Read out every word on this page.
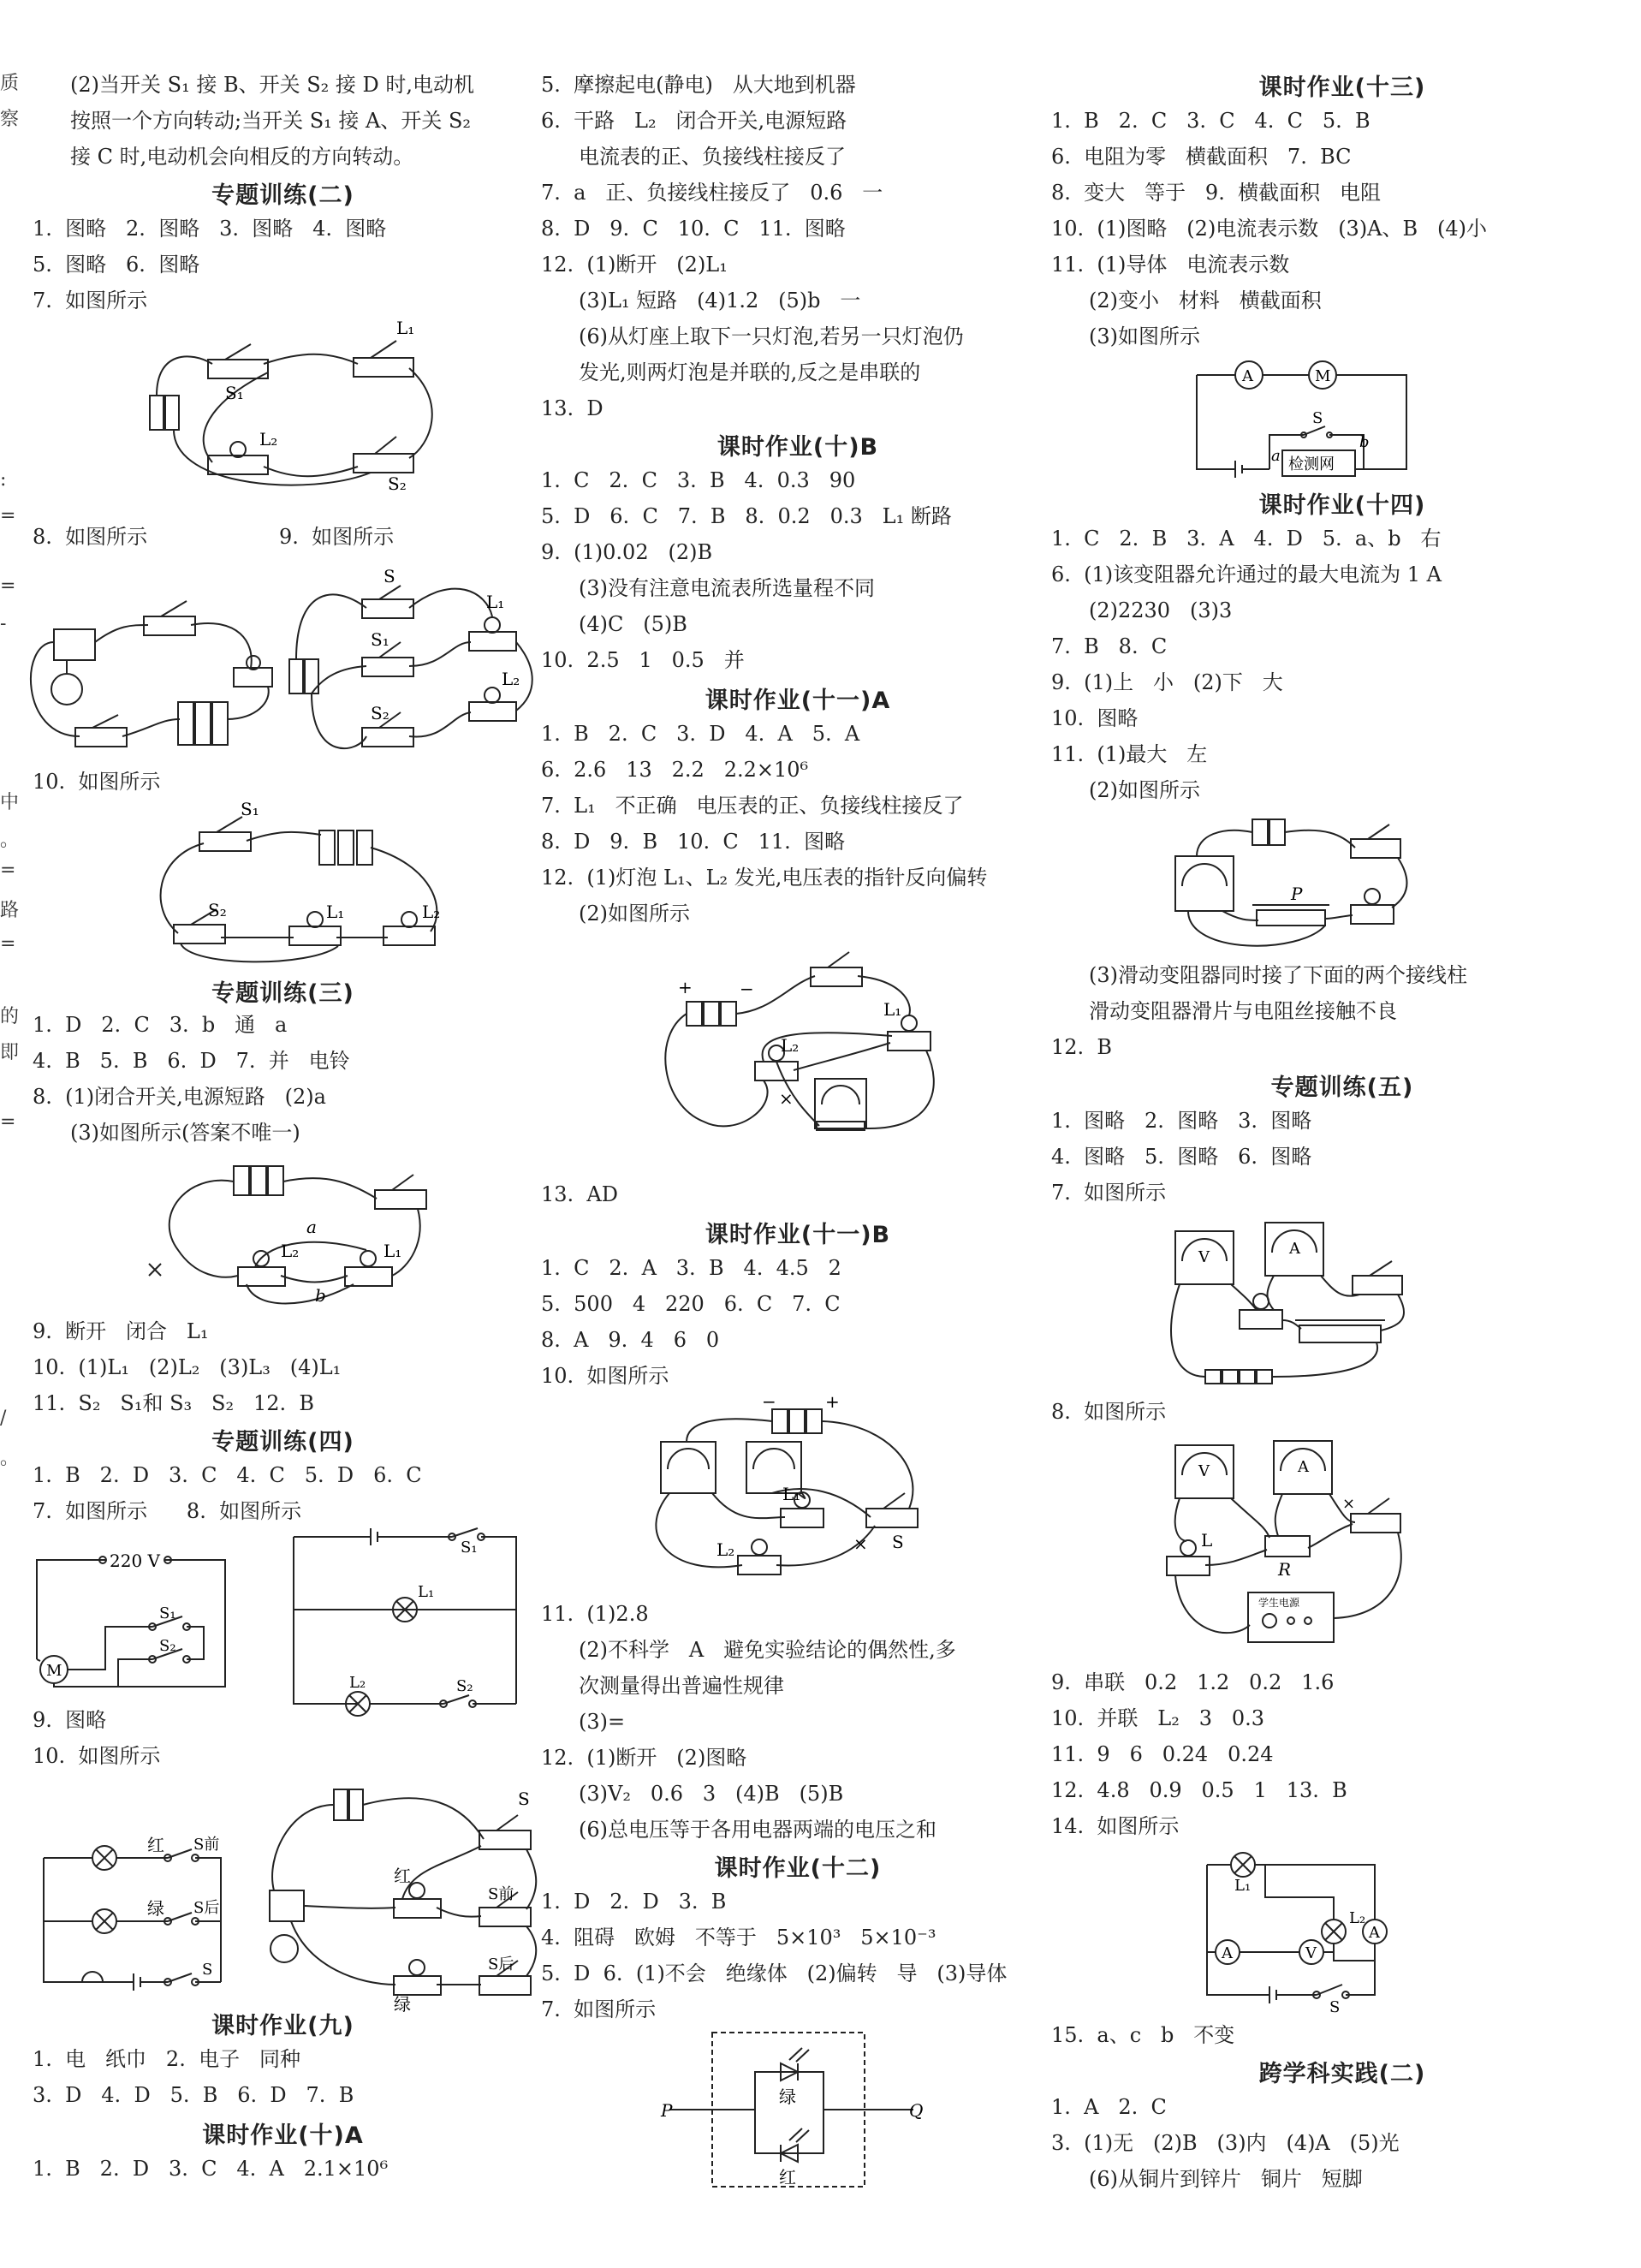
质
察
:
=
=
-
中
。
=
路
=
的
即
=
/
。
(2)当开关 S₁ 接 B、开关 S₂ 接 D 时,电动机
按照一个方向转动;当开关 S₁ 接 A、开关 S₂
接 C 时,电动机会向相反的方向转动。
专题训练(二)
1.  图略   2.  图略   3.  图略   4.  图略
5.  图略   6.  图略
7.  如图所示
S₁
L₁
L₂
S₂
8.  如图所示	9.  如图所示
S
S₁
L₁
L₂
S₂
10.  如图所示
S₁
S₂	L₁	L₂
专题训练(三)
1.  D   2.  C   3.  b   通   a
4.  B   5.  B   6.  D   7.  并   电铃
8.  (1)闭合开关,电源短路   (2)a
(3)如图所示(答案不唯一)
a
L₂	L₁
b
9.  断开   闭合   L₁
10.  (1)L₁   (2)L₂   (3)L₃   (4)L₁
11.  S₂   S₁和 S₃   S₂   12.  B
专题训练(四)
1.  B   2.  D   3.  C   4.  C   5.  D   6.  C
7.  如图所示      8.  如图所示
220 V
S₁
S₂
M
S₁
L₁
L₂	S₂
9.  图略
10.  如图所示
红 S前
绿 S后
S
S
红
S前
绿
S后
课时作业(九)
1.  电   纸巾   2.  电子   同种
3.  D   4.  D   5.  B   6.  D   7.  B
课时作业(十)A
1.  B   2.  D   3.  C   4.  A   2.1×10⁶
5.  摩擦起电(静电)   从大地到机器
6.  干路   L₂   闭合开关,电源短路
电流表的正、负接线柱接反了
7.  a   正、负接线柱接反了   0.6   一
8.  D   9.  C   10.  C   11.  图略
12.  (1)断开   (2)L₁
(3)L₁ 短路   (4)1.2   (5)b   一
(6)从灯座上取下一只灯泡,若另一只灯泡仍
发光,则两灯泡是并联的,反之是串联的
13.  D
课时作业(十)B
1.  C   2.  C   3.  B   4.  0.3   90
5.  D   6.  C   7.  B   8.  0.2   0.3   L₁ 断路
9.  (1)0.02   (2)B
(3)没有注意电流表所选量程不同
(4)C   (5)B
10.  2.5   1   0.5   并
课时作业(十一)A
1.  B   2.  C   3.  D   4.  A   5.  A
6.  2.6   13   2.2   2.2×10⁶
7.  L₁   不正确   电压表的正、负接线柱接反了
8.  D   9.  B   10.  C   11.  图略
12.  (1)灯泡 L₁、L₂ 发光,电压表的指针反向偏转
(2)如图所示
+	−
L₁
L₂
×
13.  AD
课时作业(十一)B
1.  C   2.  A   3.  B   4.  4.5   2
5.  500   4   220   6.  C   7.  C
8.  A   9.  4   6   0
10.  如图所示
−	+
L₁
L₂	S
×
11.  (1)2.8
(2)不科学   A   避免实验结论的偶然性,多
次测量得出普遍性规律
(3)=
12.  (1)断开   (2)图略
(3)V₂   0.6   3   (4)B   (5)B
(6)总电压等于各用电器两端的电压之和
课时作业(十二)
1.  D   2.  D   3.  B
4.  阻碍   欧姆   不等于   5×10³   5×10⁻³
5.  D  6.  (1)不会   绝缘体   (2)偏转   导   (3)导体
7.  如图所示
P	Q
绿
红
课时作业(十三)
1.  B   2.  C   3.  C   4.  C   5.  B
6.  电阻为零   横截面积   7.  BC
8.  变大   等于   9.  横截面积   电阻
10.  (1)图略   (2)电流表示数   (3)A、B   (4)小
11.  (1)导体   电流表示数
(2)变小   材料   横截面积
(3)如图所示
A	M
S
a
b
检测网
课时作业(十四)
1.  C   2.  B   3.  A   4.  D   5.  a、b   右
6.  (1)该变阻器允许通过的最大电流为 1 A
(2)2230   (3)3
7.  B   8.  C
9.  (1)上   小   (2)下   大
10.  图略
11.  (1)最大   左
(2)如图所示
P
(3)滑动变阻器同时接了下面的两个接线柱
滑动变阻器滑片与电阻丝接触不良
12.  B
专题训练(五)
1.  图略   2.  图略   3.  图略
4.  图略   5.  图略   6.  图略
7.  如图所示
V	A
8.  如图所示
V	A
L
R
×
学生电源
9.  串联   0.2   1.2   0.2   1.6
10.  并联   L₂   3   0.3
11.  9   6   0.24   0.24
12.  4.8   0.9   0.5   1   13.  B
14.  如图所示
L₁
L₂
A
A	V
S
15.  a、c   b   不变
跨学科实践(二)
1.  A   2.  C
3.  (1)无   (2)B   (3)内   (4)A   (5)光
(6)从铜片到锌片   铜片   短脚
